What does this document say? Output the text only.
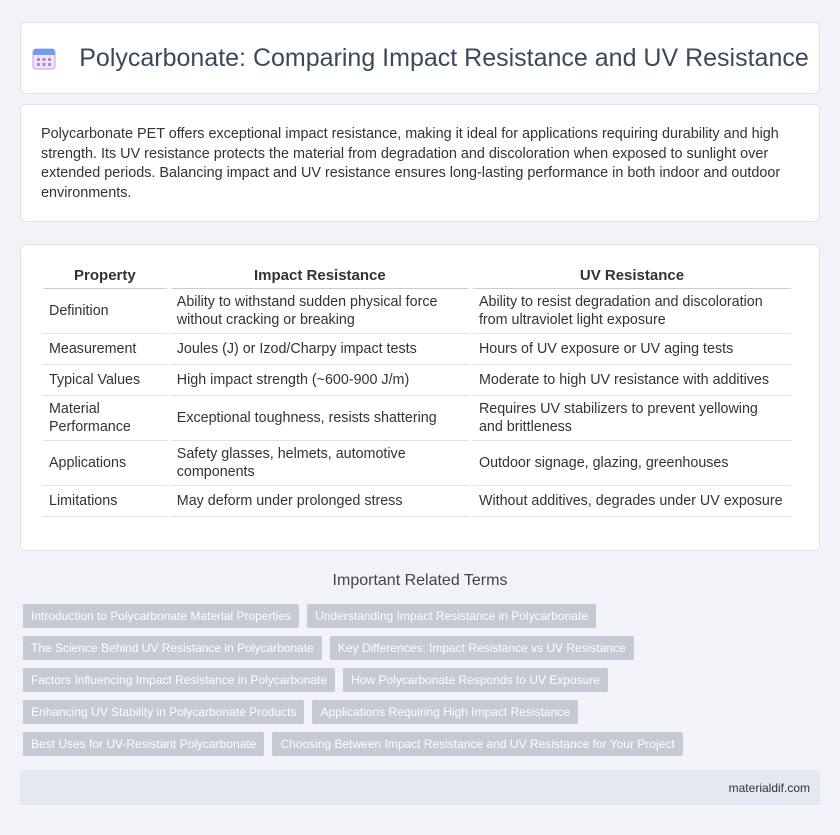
Polycarbonate: Comparing Impact Resistance and UV Resistance

Polycarbonate PET offers exceptional impact resistance, making it ideal for applications requiring durability and high strength. Its UV resistance protects the material from degradation and discoloration when exposed to sunlight over extended periods. Balancing impact and UV resistance ensures long-lasting performance in both indoor and outdoor environments.

Property	Impact Resistance	UV Resistance
Definition	Ability to withstand sudden physical force without cracking or breaking	Ability to resist degradation and discoloration from ultraviolet light exposure
Measurement	Joules (J) or Izod/Charpy impact tests	Hours of UV exposure or UV aging tests
Typical Values	High impact strength (~600-900 J/m)	Moderate to high UV resistance with additives
Material Performance	Exceptional toughness, resists shattering	Requires UV stabilizers to prevent yellowing and brittleness
Applications	Safety glasses, helmets, automotive components	Outdoor signage, glazing, greenhouses
Limitations	May deform under prolonged stress	Without additives, degrades under UV exposure
Important Related Terms
Introduction to Polycarbonate Material Properties	Understanding Impact Resistance in Polycarbonate
The Science Behind UV Resistance in Polycarbonate	Key Differences: Impact Resistance vs UV Resistance
Factors Influencing Impact Resistance in Polycarbonate	How Polycarbonate Responds to UV Exposure
Enhancing UV Stability in Polycarbonate Products	Applications Requiring High Impact Resistance
Best Uses for UV-Resistant Polycarbonate	Choosing Between Impact Resistance and UV Resistance for Your Project
materialdif.com
